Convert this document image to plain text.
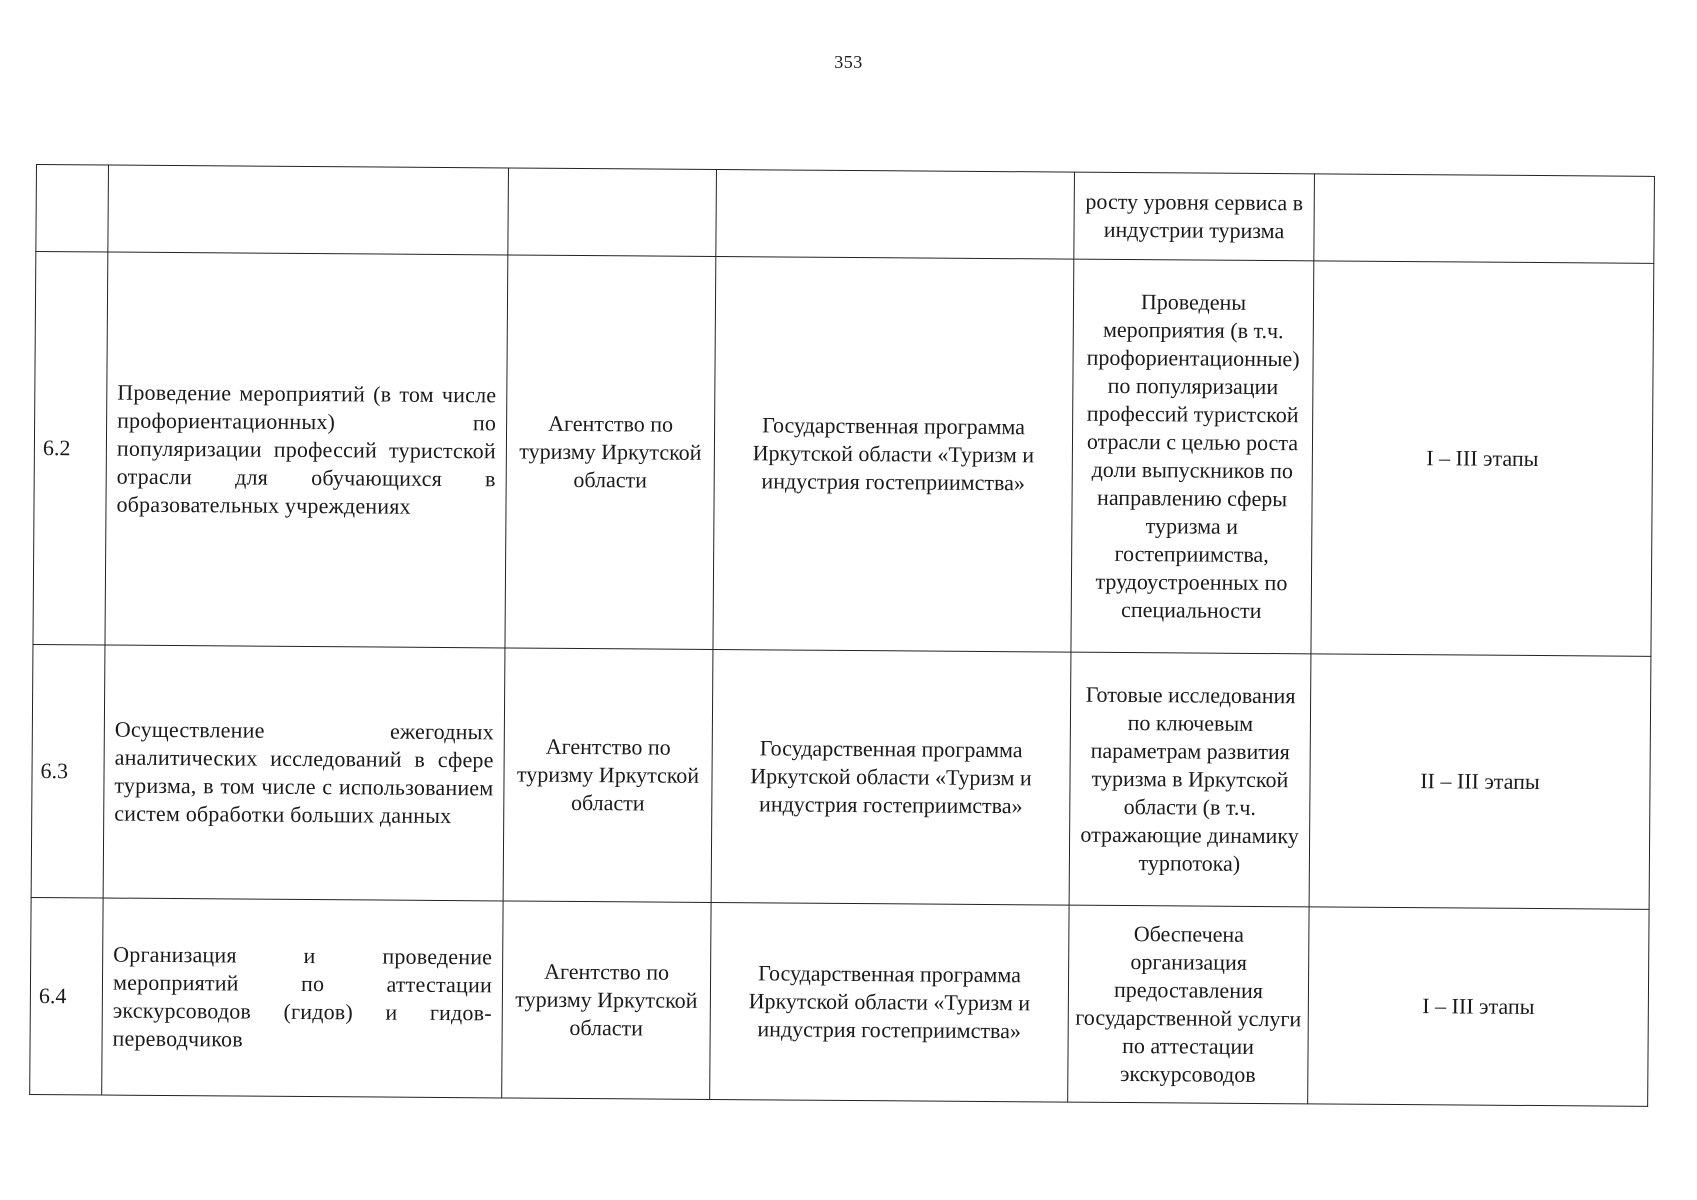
353
				росту уровня сервиса в индустрии туризма	
6.2	Проведение мероприятий (в том числе профориентационных) по популяризации профессий туристской отрасли для обучающихся в образовательных учреждениях	Агентство по туризму Иркутской области	Государственная программа Иркутской области «Туризм и индустрия гостеприимства»	Проведены мероприятия (в т.ч. профориентационные) по популяризации профессий туристской отрасли с целью роста доли выпускников по направлению сферы туризма и гостеприимства, трудоустроенных по специальности	I – III этапы
6.3	Осуществление ежегодных аналитических исследований в сфере туризма, в том числе с использованием систем обработки больших данных	Агентство по туризму Иркутской области	Государственная программа Иркутской области «Туризм и индустрия гостеприимства»	Готовые исследования по ключевым параметрам развития туризма в Иркутской области (в т.ч. отражающие динамику турпотока)	II – III этапы
6.4	Организация и проведение мероприятий по аттестации экскурсоводов (гидов) и гидов-переводчиков	Агентство по туризму Иркутской области	Государственная программа Иркутской области «Туризм и индустрия гостеприимства»	Обеспечена организация предоставления государственной услуги по аттестации экскурсоводов	I – III этапы
